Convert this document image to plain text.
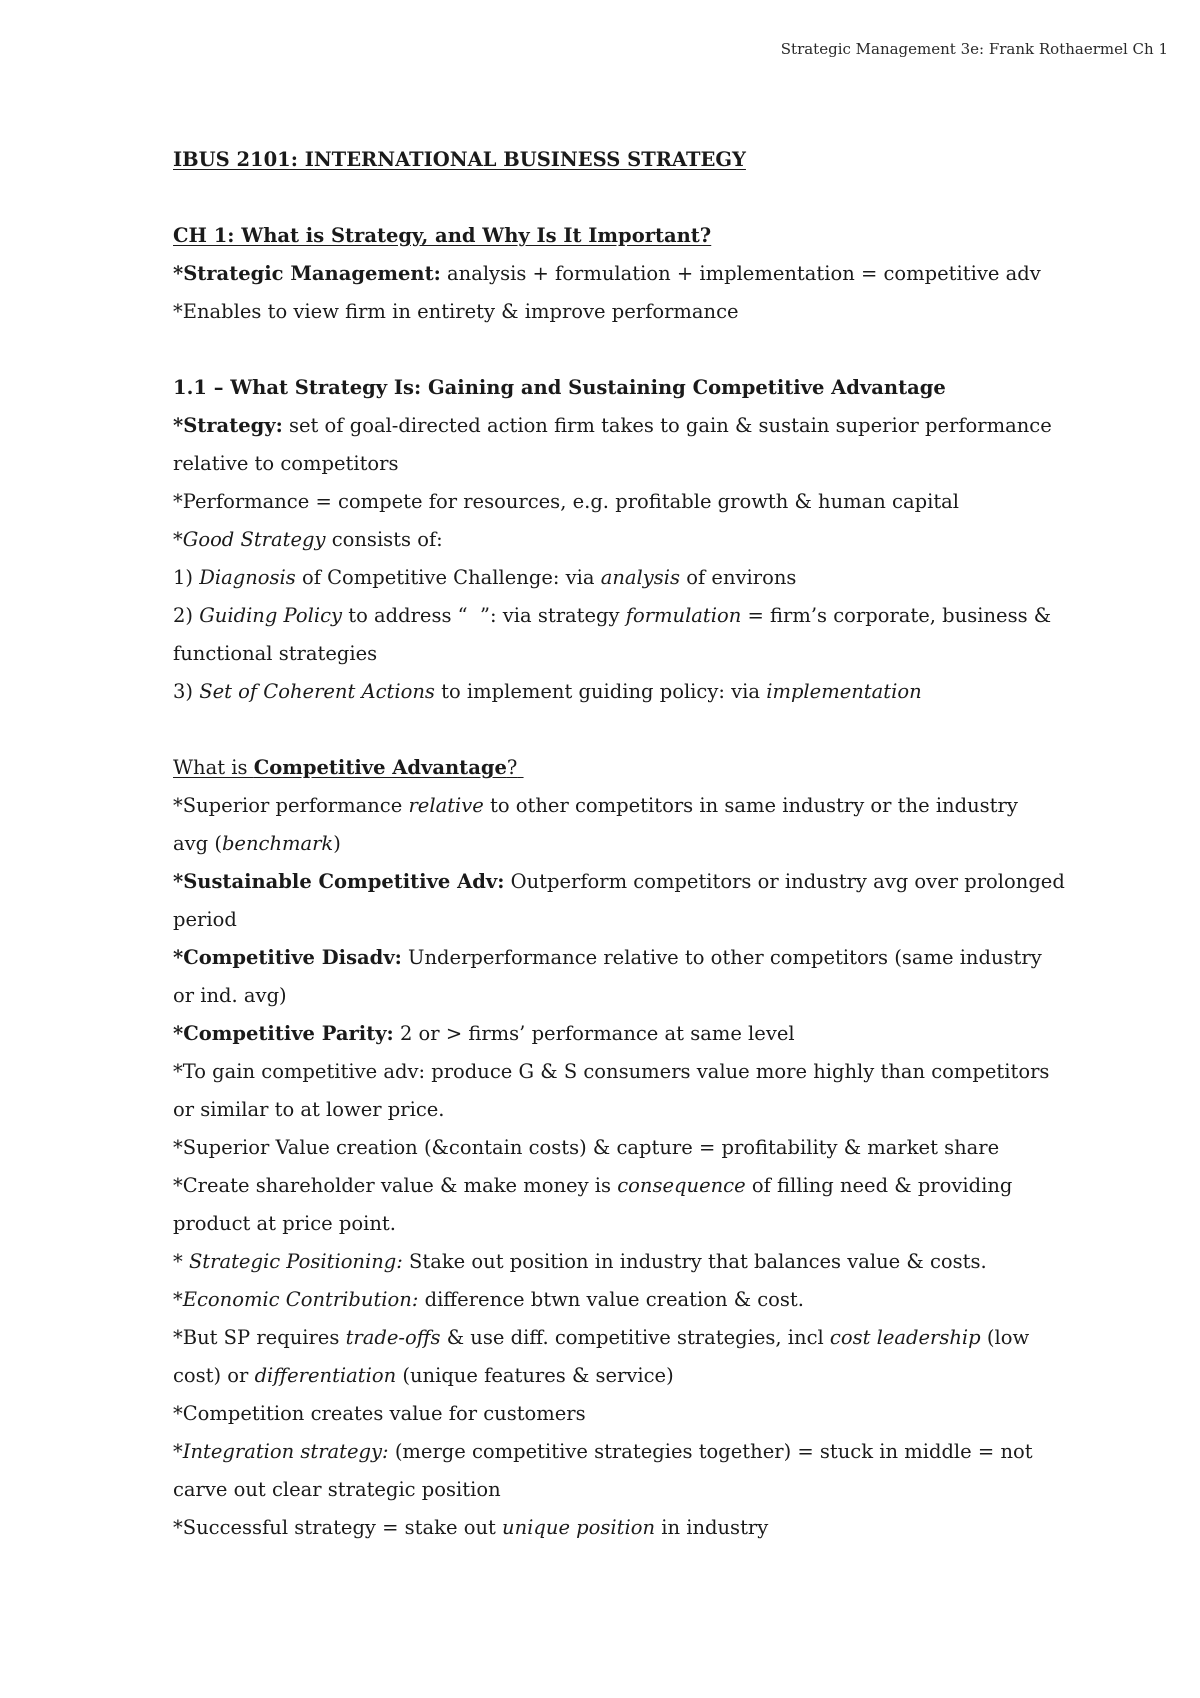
Strategic Management 3e: Frank Rothaermel Ch 1
IBUS 2101: INTERNATIONAL BUSINESS STRATEGY
CH 1: What is Strategy, and Why Is It Important?
*Strategic Management: analysis + formulation + implementation = competitive adv
*Enables to view firm in entirety & improve performance
1.1 – What Strategy Is: Gaining and Sustaining Competitive Advantage
*Strategy: set of goal-directed action firm takes to gain & sustain superior performance
relative to competitors
*Performance = compete for resources, e.g. profitable growth & human capital
*Good Strategy consists of:
1) Diagnosis of Competitive Challenge: via analysis of environs
2) Guiding Policy to address “  ”: via strategy formulation = firm’s corporate, business &
functional strategies
3) Set of Coherent Actions to implement guiding policy: via implementation
What is Competitive Advantage?
*Superior performance relative to other competitors in same industry or the industry
avg (benchmark)
*Sustainable Competitive Adv: Outperform competitors or industry avg over prolonged
period
*Competitive Disadv: Underperformance relative to other competitors (same industry
or ind. avg)
*Competitive Parity: 2 or > firms’ performance at same level
*To gain competitive adv: produce G & S consumers value more highly than competitors
or similar to at lower price.
*Superior Value creation (&contain costs) & capture = profitability & market share
*Create shareholder value & make money is consequence of filling need & providing
product at price point.
* Strategic Positioning: Stake out position in industry that balances value & costs.
*Economic Contribution: difference btwn value creation & cost.
*But SP requires trade-offs & use diff. competitive strategies, incl cost leadership (low
cost) or differentiation (unique features & service)
*Competition creates value for customers
*Integration strategy: (merge competitive strategies together) = stuck in middle = not
carve out clear strategic position
*Successful strategy = stake out unique position in industry
